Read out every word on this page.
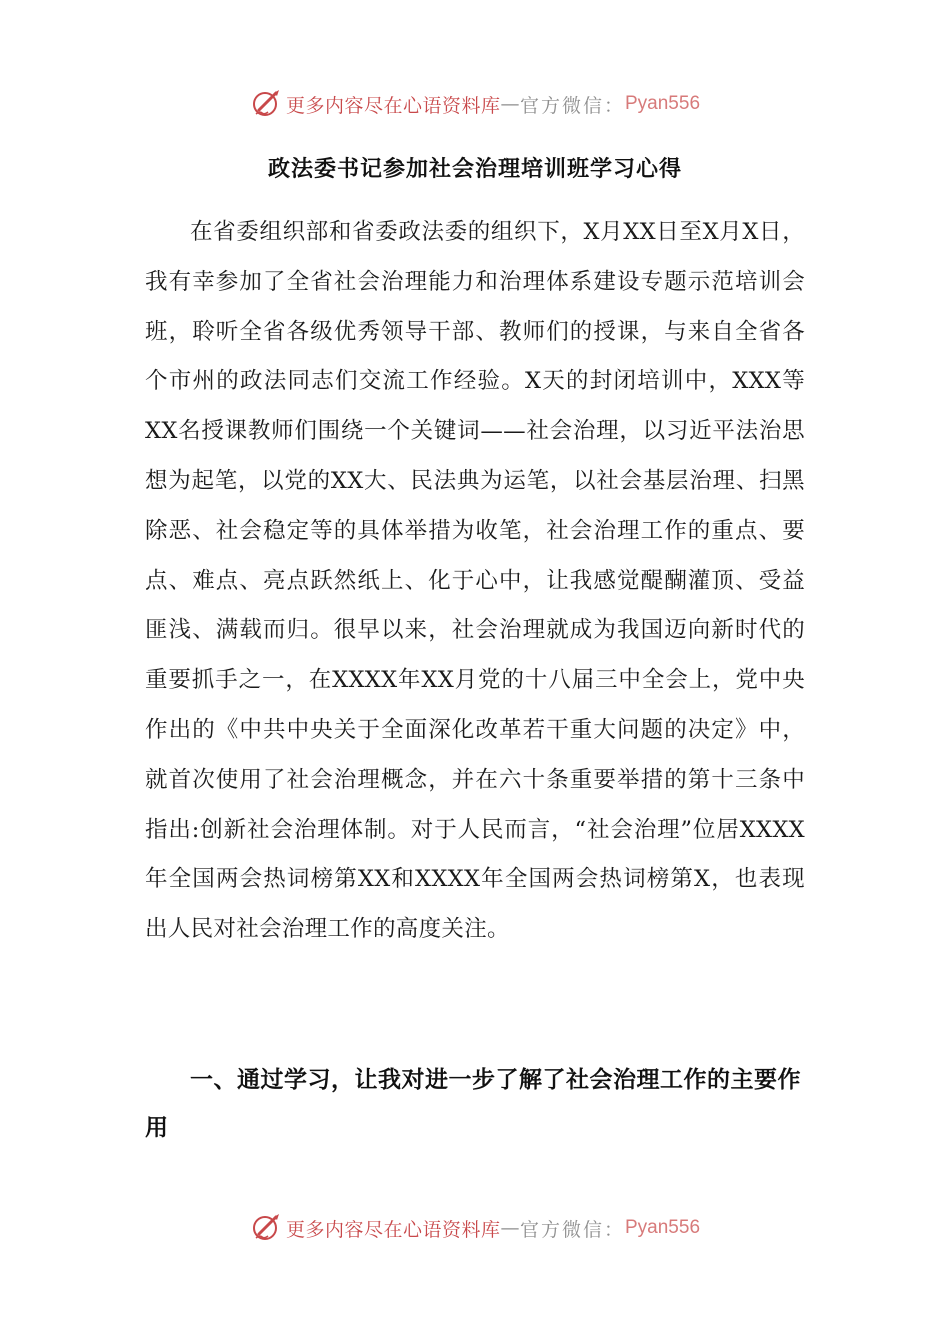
更多内容尽在心语资料库 — 官方微信： Pyan556
政法委书记参加社会治理培训班学习心得

在省委组织部和省委政法委的组织下，X月XX日至X月X日，我有幸参加了全省社会治理能力和治理体系建设专题示范培训会班，聆听全省各级优秀领导干部、教师们的授课，与来自全省各个市州的政法同志们交流工作经验。X天的封闭培训中，XXX等XX名授课教师们围绕一个关键词——社会治理，以习近平法治思想为起笔，以党的XX大、民法典为运笔，以社会基层治理、扫黑除恶、社会稳定等的具体举措为收笔，社会治理工作的重点、要点、难点、亮点跃然纸上、化于心中，让我感觉醍醐灌顶、受益匪浅、满载而归。很早以来，社会治理就成为我国迈向新时代的重要抓手之一，在XXXX年XX月党的十八届三中全会上，党中央作出的《中共中央关于全面深化改革若干重大问题的决定》中，就首次使用了社会治理概念，并在六十条重要举措的第十三条中指出:创新社会治理体制。对于人民而言，“社会治理”位居XXXX年全国两会热词榜第XX和XXXX年全国两会热词榜第X，也表现出人民对社会治理工作的高度关注。

一、通过学习，让我对进一步了解了社会治理工作的主要作用

更多内容尽在心语资料库 — 官方微信： Pyan556
